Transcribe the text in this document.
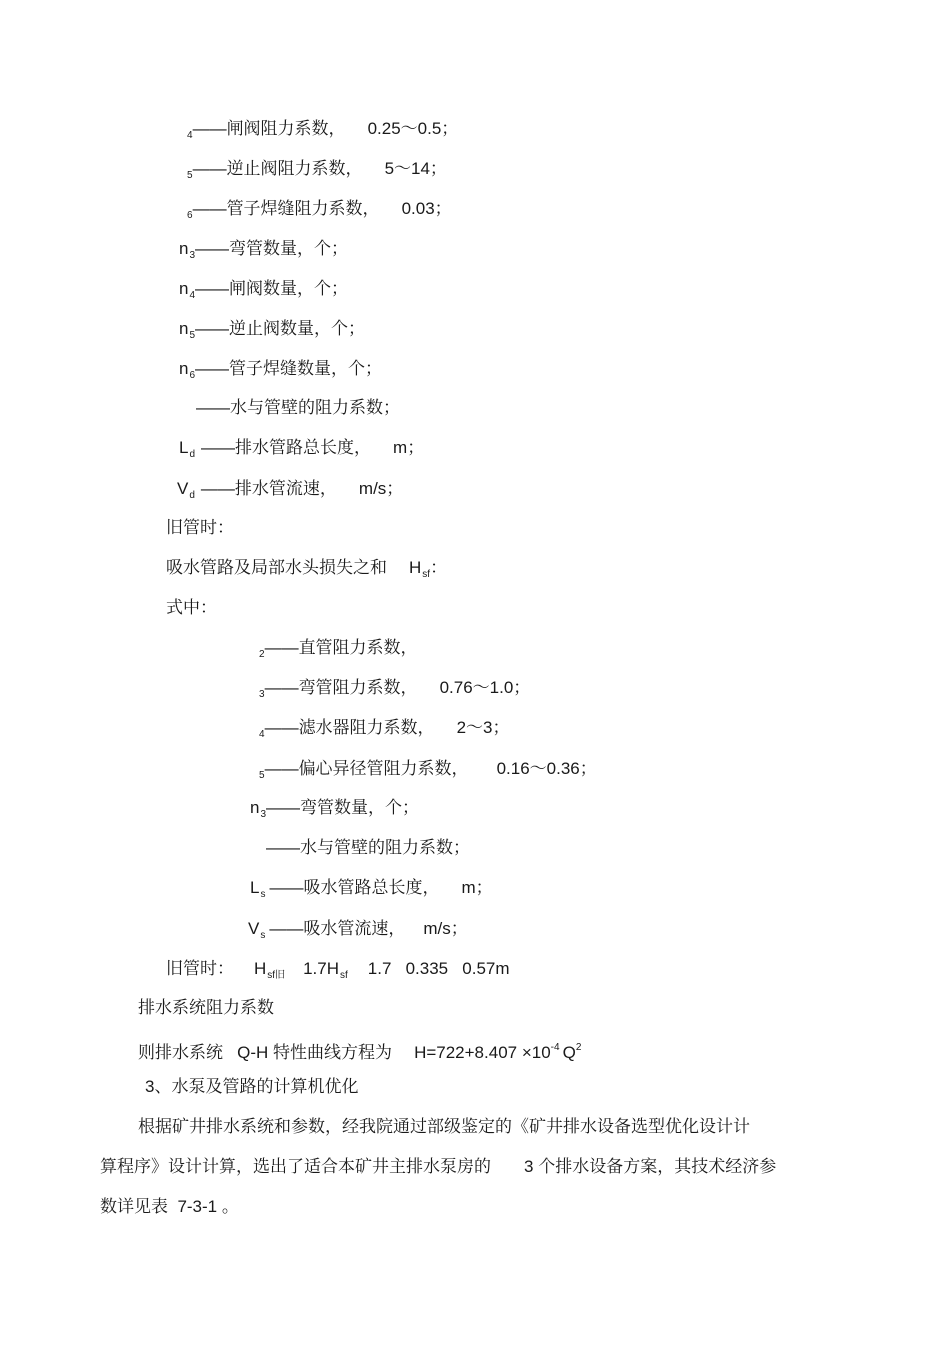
$_4$——闸阀阻力系数， 0.25～0.5；
$_5$——逆止阀阻力系数， 5～14；
$_6$——管子焊缝阻力系数， 0.03；
$n_3——$弯管数量，个；
$n_4——$闸阀数量，个；
$n_5——$逆止阀数量，个；
$n_6——$管子焊缝数量，个；
——水与管壁的阻力系数；
$L_d$ ——排水管路总长度， m；
$V_d$ ——排水管流速， m/s；
旧管时：
吸水管路及局部水头损失之和 $H_{sf}$：
式中：
$_2$——直管阻力系数，
$_3$——弯管阻力系数， 0.76～1.0；
$_4$——滤水器阻力系数， 2～3；
$_5$——偏心异径管阻力系数， 0.16～0.36；
$n_3——$弯管数量，个；
——水与管壁的阻力系数；
$L_s$ ——吸水管路总长度， m；
$V_s$ ——吸水管流速， m/s；
旧管时： $H_{sf旧}$ $1.7H_{sf}$ 1.7   0.335   0.57m
排水系统阻力系数
则排水系统   Q-H 特性曲线方程为 $H=722+8.407 \times 10^{-4}$ $Q^2$
3、水泵及管路的计算机优化
根据矿井排水系统和参数，经我院通过部级鉴定的《矿井排水设备选型优化设计计
算程序》设计计算，选出了适合本矿井主排水泵房的       3 个排水设备方案，其技术经济参
数详见表  7-3-1 。
